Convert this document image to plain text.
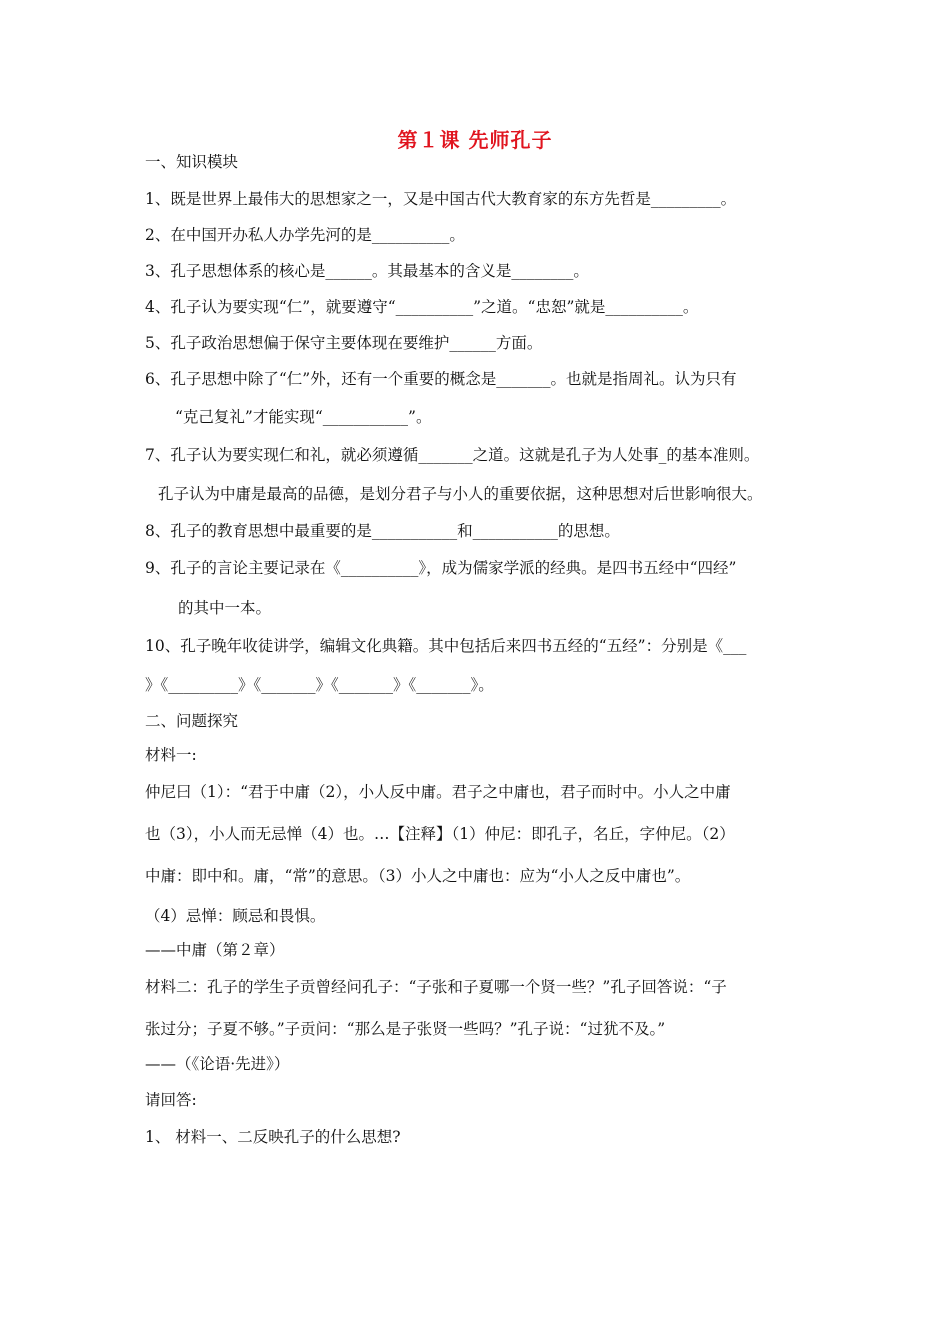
第１课 先师孔子
一、知识模块
1、既是世界上最伟大的思想家之一，又是中国古代大教育家的东方先哲是_________。
2、在中国开办私人办学先河的是__________。
3、孔子思想体系的核心是______。其最基本的含义是________。
4、孔子认为要实现“仁”，就要遵守“__________”之道。“忠恕”就是__________。
5、孔子政治思想偏于保守主要体现在要维护______方面。
6、孔子思想中除了“仁”外，还有一个重要的概念是_______。也就是指周礼。认为只有
“克己复礼”才能实现“___________”。
7、孔子认为要实现仁和礼，就必须遵循_______之道。这就是孔子为人处事_的基本准则。
孔子认为中庸是最高的品德，是划分君子与小人的重要依据，这种思想对后世影响很大。
8、孔子的教育思想中最重要的是___________和___________的思想。
9、孔子的言论主要记录在《__________》，成为儒家学派的经典。是四书五经中“四经”
的其中一本。
10、孔子晚年收徒讲学，编辑文化典籍。其中包括后来四书五经的“五经”：分别是《___
》《_________》《_______》《_______》《_______》。
二、问题探究
材料一:
仲尼曰（1）：“君于中庸（2），小人反中庸。君子之中庸也，君子而时中。小人之中庸
也（3），小人而无忌惮（4）也。…【注释】（1）仲尼：即孔子，名丘，字仲尼。（2）
中庸：即中和。庸，“常”的意思。（3）小人之中庸也：应为“小人之反中庸也”。
（4）忌惮：顾忌和畏惧。
——中庸（第２章）
材料二：孔子的学生子贡曾经问孔子：“子张和子夏哪一个贤一些？”孔子回答说：“子
张过分；子夏不够。”子贡问：“那么是子张贤一些吗？”孔子说：“过犹不及。”
——（《论语·先进》）
请回答:
1、 材料一、二反映孔子的什么思想?
